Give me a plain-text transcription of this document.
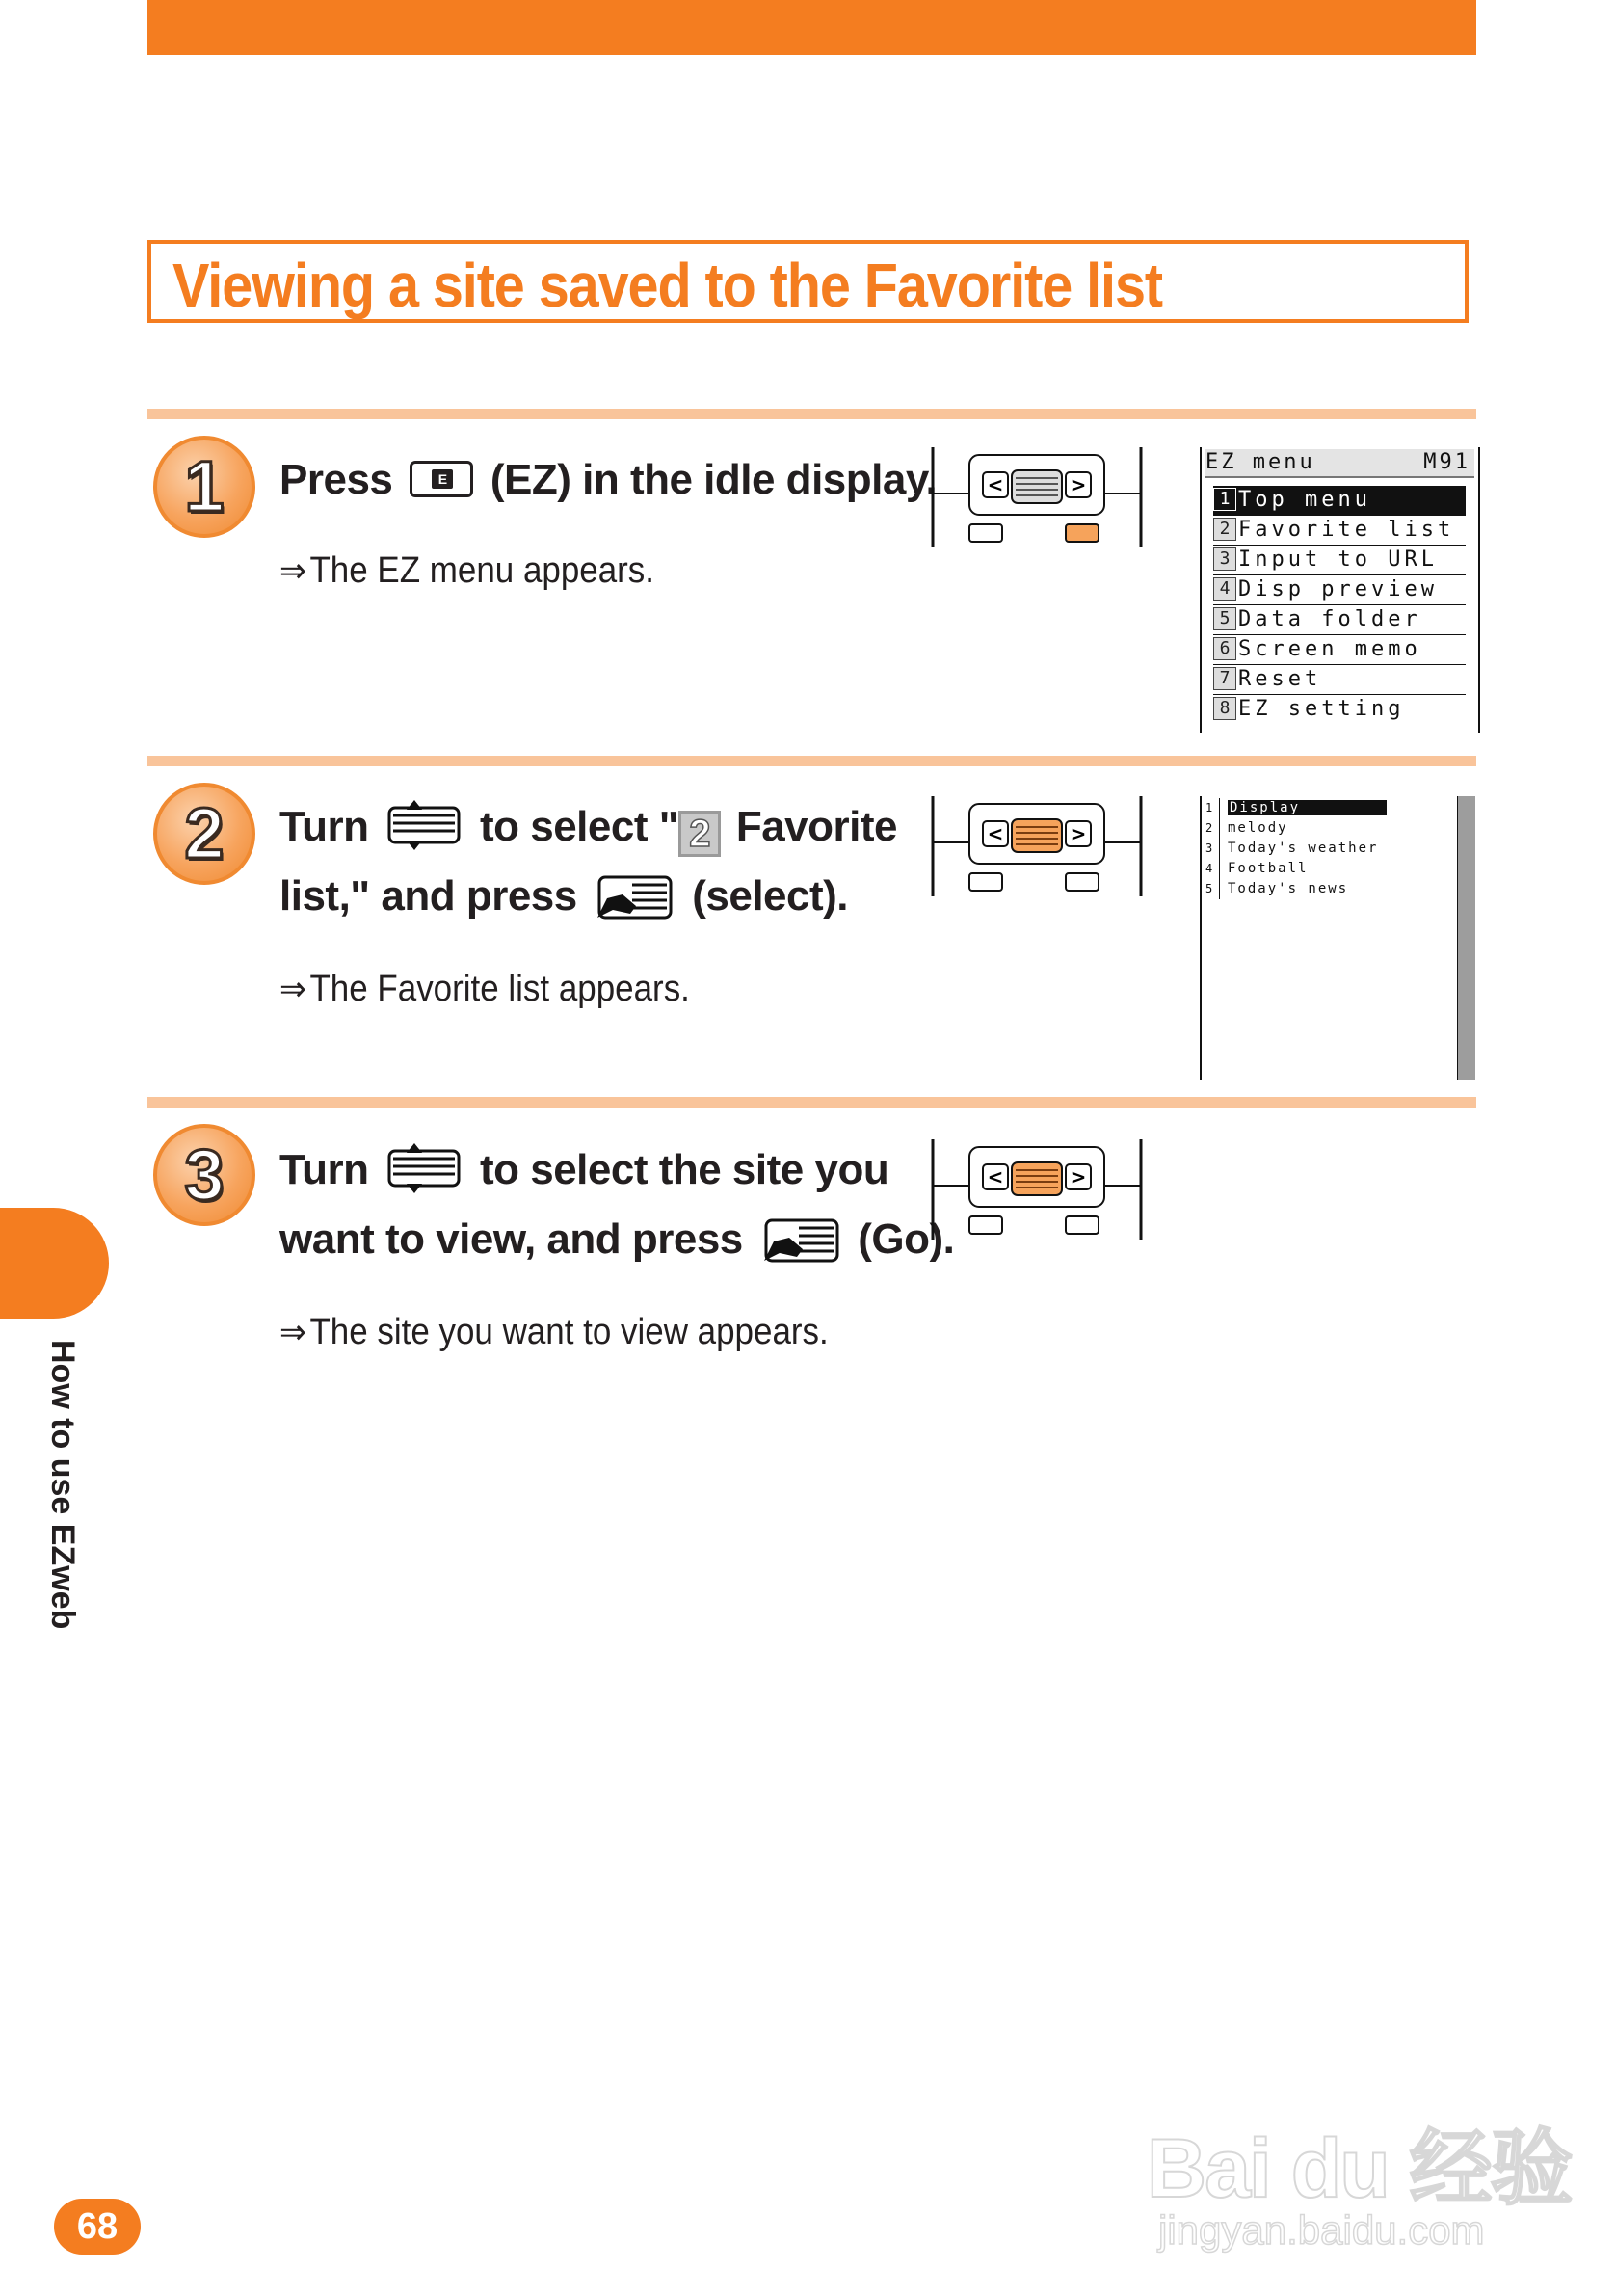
Viewing a site saved to the Favorite list
1 Press	E (EZ) in the idle display.
⇒The EZ menu appears.
<	>
EZ menu	M91
1 Top menu
2 Favorite list
3 Input to URL
4 Disp preview
5 Data folder
6 Screen memo
7 Reset
8 EZ setting
2 Turn	to select " 2 Favorite
list," and press	(select).
⇒The Favorite list appears.
<	>
1 Display
2 melody
3 Today's weather
4 Football
5 Today's news
3 Turn	to select the site you
want to view, and press	(Go).
⇒The site you want to view appears.
<	>
How to use EZweb
68
Bai du 经验
jingyan.baidu.com
